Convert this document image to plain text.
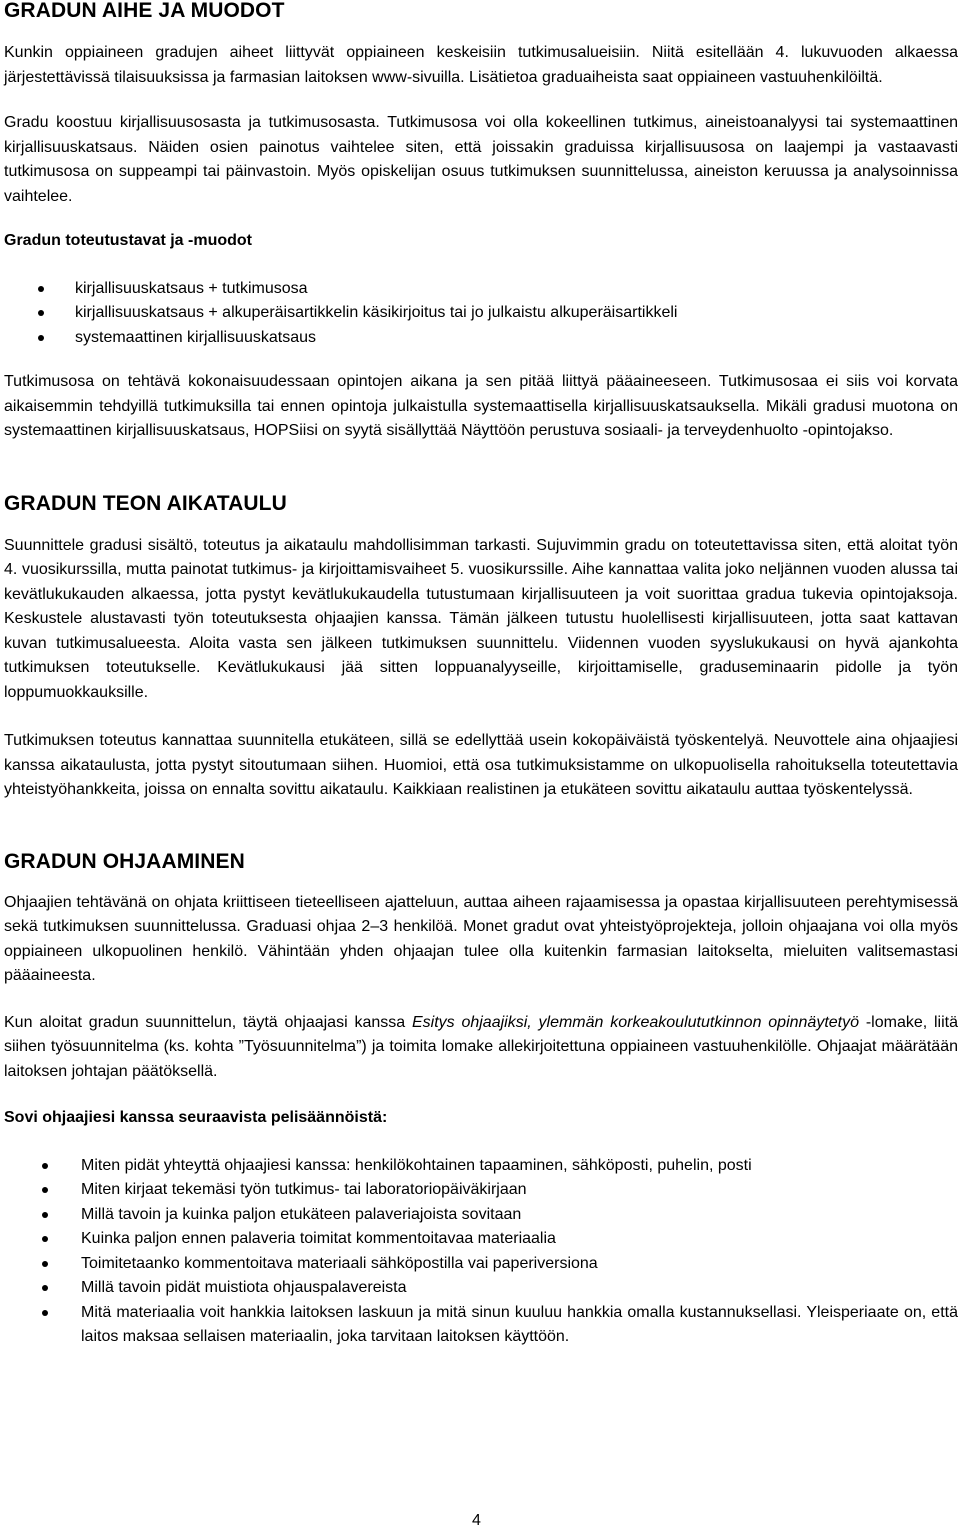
GRADUN AIHE JA MUODOT

Kunkin oppiaineen gradujen aiheet liittyvät oppiaineen keskeisiin tutkimusalueisiin. Niitä esitellään 4. lukuvuoden alkaessa järjestettävissä tilaisuuksissa ja farmasian laitoksen www-sivuilla. Lisätietoa graduaiheista saat oppiaineen vastuuhenkilöiltä.

Gradu koostuu kirjallisuusosasta ja tutkimusosasta. Tutkimusosa voi olla kokeellinen tutkimus, aineistoanalyysi tai systemaattinen kirjallisuuskatsaus. Näiden osien painotus vaihtelee siten, että joissakin graduissa kirjallisuusosa on laajempi ja vastaavasti tutkimusosa on suppeampi tai päinvastoin. Myös opiskelijan osuus tutkimuksen suunnittelussa, aineiston keruussa ja analysoinnissa vaihtelee.

Gradun toteutustavat ja -muodot

kirjallisuuskatsaus + tutkimusosa
kirjallisuuskatsaus + alkuperäisartikkelin käsikirjoitus tai jo julkaistu alkuperäisartikkeli
systemaattinen kirjallisuuskatsaus

Tutkimusosa on tehtävä kokonaisuudessaan opintojen aikana ja sen pitää liittyä pääaineeseen. Tutkimusosaa ei siis voi korvata aikaisemmin tehdyillä tutkimuksilla tai ennen opintoja julkaistulla systemaattisella kirjallisuuskatsauksella. Mikäli gradusi muotona on systemaattinen kirjallisuuskatsaus, HOPSiisi on syytä sisällyttää Näyttöön perustuva sosiaali- ja terveydenhuolto -opintojakso.

GRADUN TEON AIKATAULU

Suunnittele gradusi sisältö, toteutus ja aikataulu mahdollisimman tarkasti. Sujuvimmin gradu on toteutettavissa siten, että aloitat työn 4. vuosikurssilla, mutta painotat tutkimus- ja kirjoittamisvaiheet 5. vuosikurssille. Aihe kannattaa valita joko neljännen vuoden alussa tai kevätlukukauden alkaessa, jotta pystyt kevätlukukaudella tutustumaan kirjallisuuteen ja voit suorittaa gradua tukevia opintojaksoja. Keskustele alustavasti työn toteutuksesta ohjaajien kanssa. Tämän jälkeen tutustu huolellisesti kirjallisuuteen, jotta saat kattavan kuvan tutkimusalueesta. Aloita vasta sen jälkeen tutkimuksen suunnittelu. Viidennen vuoden syyslukukausi on hyvä ajankohta tutkimuksen toteutukselle. Kevätlukukausi jää sitten loppuanalyyseille, kirjoittamiselle, graduseminaarin pidolle ja työn loppumuokkauksille.

Tutkimuksen toteutus kannattaa suunnitella etukäteen, sillä se edellyttää usein kokopäiväistä työskentelyä. Neuvottele aina ohjaajiesi kanssa aikataulusta, jotta pystyt sitoutumaan siihen. Huomioi, että osa tutkimuksistamme on ulkopuolisella rahoituksella toteutettavia yhteistyöhankkeita, joissa on ennalta sovittu aikataulu. Kaikkiaan realistinen ja etukäteen sovittu aikataulu auttaa työskentelyssä.

GRADUN OHJAAMINEN

Ohjaajien tehtävänä on ohjata kriittiseen tieteelliseen ajatteluun, auttaa aiheen rajaamisessa ja opastaa kirjallisuuteen perehtymisessä sekä tutkimuksen suunnittelussa. Graduasi ohjaa 2–3 henkilöä. Monet gradut ovat yhteistyöprojekteja, jolloin ohjaajana voi olla myös oppiaineen ulkopuolinen henkilö. Vähintään yhden ohjaajan tulee olla kuitenkin farmasian laitokselta, mieluiten valitsemastasi pääaineesta.

Kun aloitat gradun suunnittelun, täytä ohjaajasi kanssa Esitys ohjaajiksi, ylemmän korkeakoulututkinnon opinnäytetyö -lomake, liitä siihen työsuunnitelma (ks. kohta ”Työsuunnitelma”) ja toimita lomake allekirjoitettuna oppiaineen vastuuhenkilölle. Ohjaajat määrätään laitoksen johtajan päätöksellä.

Sovi ohjaajiesi kanssa seuraavista pelisäännöistä:

Miten pidät yhteyttä ohjaajiesi kanssa: henkilökohtainen tapaaminen, sähköposti, puhelin, posti
Miten kirjaat tekemäsi työn tutkimus- tai laboratoriopäiväkirjaan
Millä tavoin ja kuinka paljon etukäteen palaveriajoista sovitaan
Kuinka paljon ennen palaveria toimitat kommentoitavaa materiaalia
Toimitetaanko kommentoitava materiaali sähköpostilla vai paperiversiona
Millä tavoin pidät muistiota ohjauspalavereista
Mitä materiaalia voit hankkia laitoksen laskuun ja mitä sinun kuuluu hankkia omalla kustannuksellasi. Yleisperiaate on, että laitos maksaa sellaisen materiaalin, joka tarvitaan laitoksen käyttöön.
4
